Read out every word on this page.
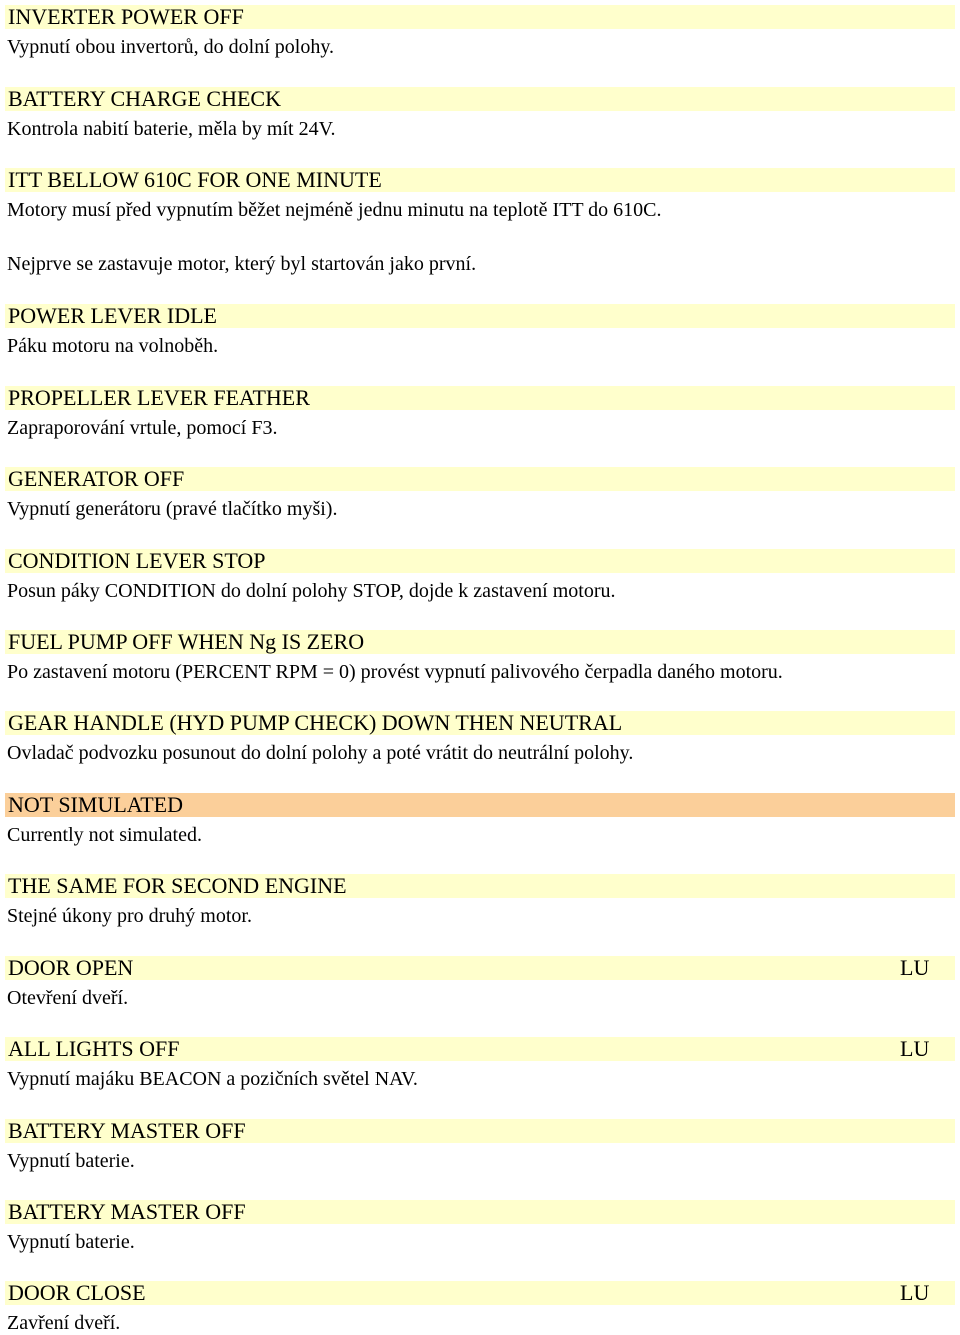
INVERTER POWER OFF
Vypnutí obou invertorů, do dolní polohy.
BATTERY CHARGE CHECK
Kontrola nabití baterie, měla by mít 24V.
ITT BELLOW 610C FOR ONE MINUTE
Motory musí před vypnutím běžet nejméně jednu minutu na teplotě ITT do 610C.
Nejprve se zastavuje motor, který byl startován jako první.
POWER LEVER IDLE
Páku motoru na volnoběh.
PROPELLER LEVER FEATHER
Zapraporování vrtule, pomocí F3.
GENERATOR OFF
Vypnutí generátoru (pravé tlačítko myši).
CONDITION LEVER STOP
Posun páky CONDITION do dolní polohy STOP, dojde k zastavení motoru.
FUEL PUMP OFF WHEN Ng IS ZERO
Po zastavení motoru (PERCENT RPM = 0) provést vypnutí palivového čerpadla daného motoru.
GEAR HANDLE (HYD PUMP CHECK) DOWN THEN NEUTRAL
Ovladač podvozku posunout do dolní polohy a poté vrátit do neutrální polohy.
NOT SIMULATED
Currently not simulated.
THE SAME FOR SECOND ENGINE
Stejné úkony pro druhý motor.
DOOR OPEN	LU
Otevření dveří.
ALL LIGHTS OFF	LU
Vypnutí majáku BEACON a pozičních světel NAV.
BATTERY MASTER OFF
Vypnutí baterie.
BATTERY MASTER OFF
Vypnutí baterie.
DOOR CLOSE	LU
Zavření dveří.
